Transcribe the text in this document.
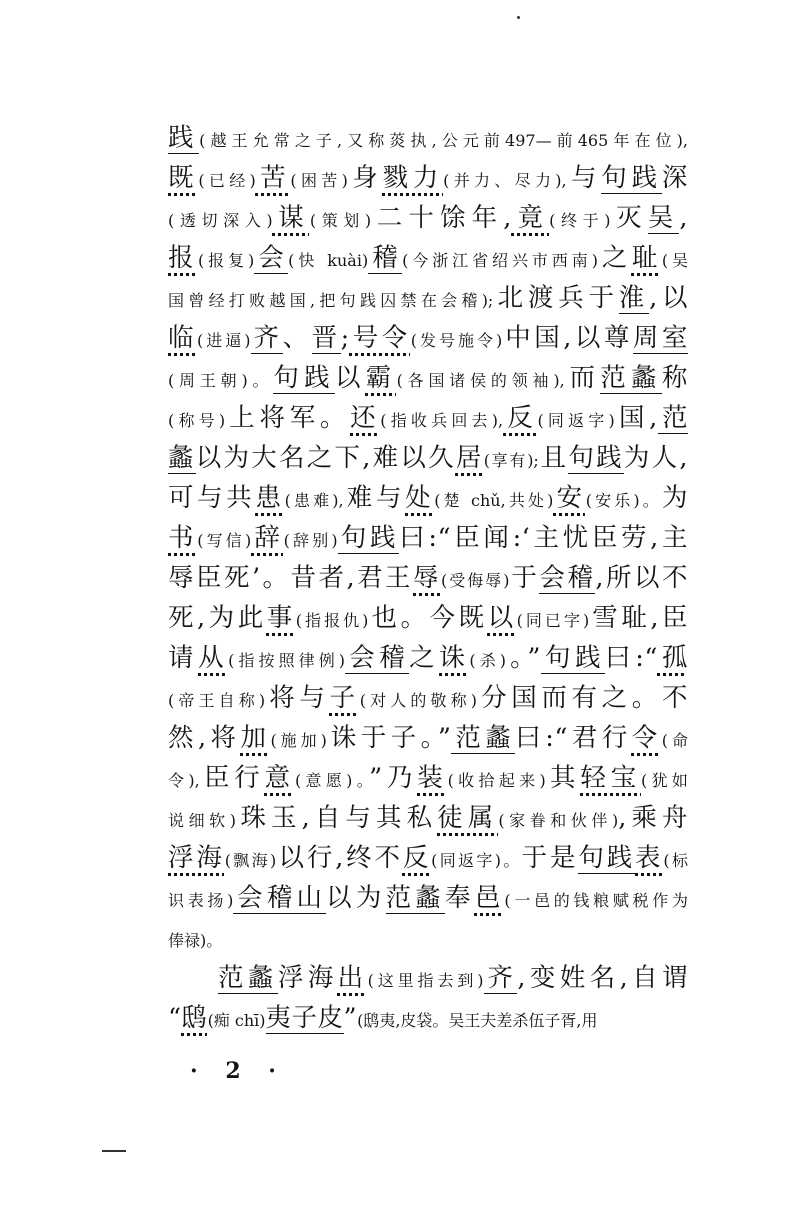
践(越王允常之子,又称菼执,公元前497—前465年在位),
既(已经)苦(困苦)身戮力(并力、尽力),与句践深
(透切深入)谋(策划)二十馀年,竟(终于)灭吴,
报(报复)会(快 kuài)稽(今浙江省绍兴市西南)之耻(吴
国曾经打败越国,把句践囚禁在会稽);北渡兵于淮,以
临(进逼)齐、晋;号令(发号施令)中国,以尊周室
(周王朝)。句践以霸(各国诸侯的领袖),而范蠡称
(称号)上将军。还(指收兵回去),反(同返字)国,范
蠡以为大名之下,难以久居(享有);且句践为人,
可与共患(患难),难与处(楚 chǔ,共处)安(安乐)。为
书(写信)辞(辞别)句践曰:“臣闻:‘主忧臣劳,主
辱臣死’。昔者,君王辱(受侮辱)于会稽,所以不
死,为此事(指报仇)也。今既以(同已字)雪耻,臣
请从(指按照律例)会稽之诛(杀)。”句践曰:“孤
(帝王自称)将与子(对人的敬称)分国而有之。不
然,将加(施加)诛于子。”范蠡曰:“君行令(命
令),臣行意(意愿)。”乃装(收拾起来)其轻宝(犹如
说细软)珠玉,自与其私徒属(家眷和伙伴),乘舟
浮海(飘海)以行,终不反(同返字)。于是句践表(标
识表扬)会稽山以为范蠡奉邑(一邑的钱粮赋税作为
俸禄)。
范蠡浮海出(这里指去到)齐,变姓名,自谓
“鸱(痴 chī)夷子皮”(鸱夷,皮袋。吴王夫差杀伍子胥,用
· 2 ·
